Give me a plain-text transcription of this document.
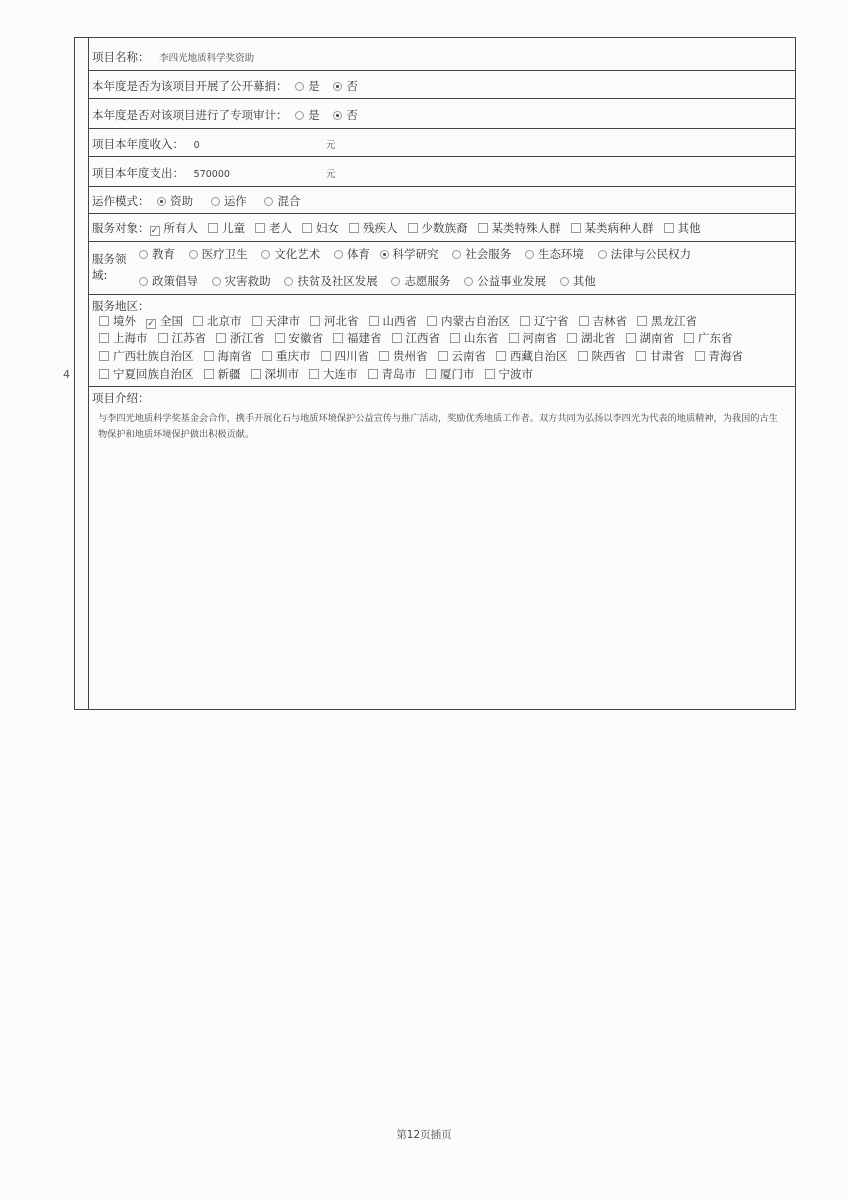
项目名称： 李四光地质科学奖资助
本年度是否为该项目开展了公开募捐： 是 否
本年度是否对该项目进行了专项审计： 是 否
项目本年度收入： 0	元
项目本年度支出： 570000	元
运作模式： 资助	运作	混合
服务对象：✓ 所有人 儿童 老人 妇女 残疾人 少数族裔 某类特殊人群 某类病种人群 其他
服务领
域:
教育 医疗卫生 文化艺术 体育 科学研究 社会服务 生态环境 法律与公民权力
政策倡导 灾害救助 扶贫及社区发展 志愿服务 公益事业发展 其他
服务地区：
境外 ✓ 全国 北京市 天津市 河北省 山西省 内蒙古自治区 辽宁省 吉林省 黑龙江省
上海市 江苏省 浙江省 安徽省 福建省 江西省 山东省 河南省 湖北省 湖南省 广东省
广西壮族自治区 海南省 重庆市 四川省 贵州省 云南省 西藏自治区 陕西省 甘肃省 青海省
宁夏回族自治区 新疆 深圳市 大连市 青岛市 厦门市 宁波市
项目介绍：
与李四光地质科学奖基金会合作，携手开展化石与地质环境保护公益宣传与推广活动，奖励优秀地质工作者。双方共同为弘扬以李四光为代表的地质精神，为我国的古生物保护和地质环境保护做出积极贡献。
4
第12页插页
